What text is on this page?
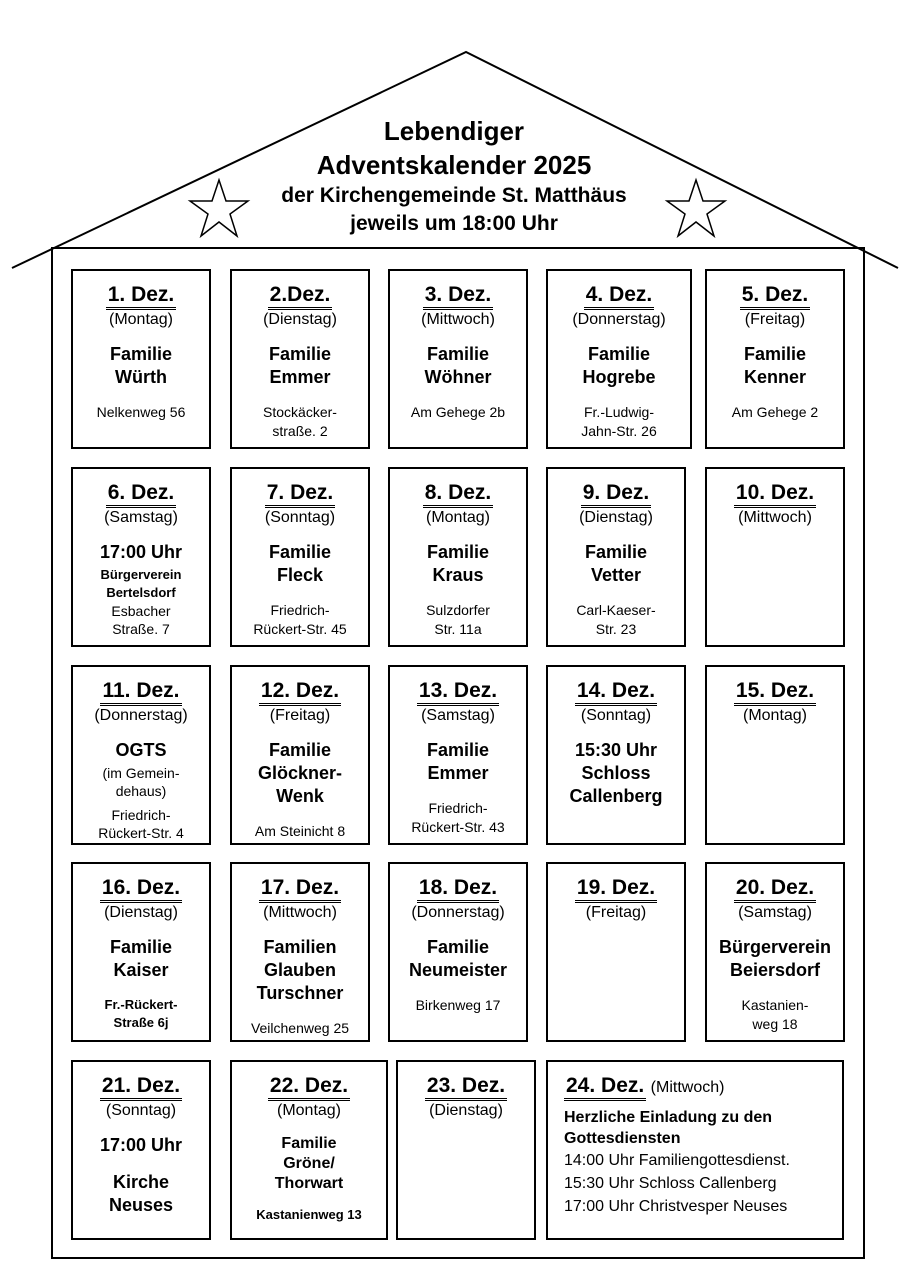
Lebendiger
Adventskalender 2025
der Kirchengemeinde St. Matthäus
jeweils um 18:00 Uhr
1. Dez.
(Montag)
Familie
Würth
Nelkenweg 56
2.Dez.
(Dienstag)
Familie
Emmer
Stockäcker-
straße. 2
3. Dez.
(Mittwoch)
Familie
Wöhner
Am Gehege 2b
4. Dez.
(Donnerstag)
Familie
Hogrebe
Fr.-Ludwig-
Jahn-Str. 26
5. Dez.
(Freitag)
Familie
Kenner
Am Gehege 2
6. Dez.
(Samstag)
17:00 Uhr
Bürgerverein
Bertelsdorf
Esbacher
Straße. 7
7. Dez.
(Sonntag)
Familie
Fleck
Friedrich-
Rückert-Str. 45
8. Dez.
(Montag)
Familie
Kraus
Sulzdorfer
Str. 11a
9. Dez.
(Dienstag)
Familie
Vetter
Carl-Kaeser-
Str. 23
10. Dez.
(Mittwoch)
11. Dez.
(Donnerstag)
OGTS
(im Gemein-
dehaus)
Friedrich-
Rückert-Str. 4
12. Dez.
(Freitag)
Familie
Glöckner-
Wenk
Am Steinicht 8
13. Dez.
(Samstag)
Familie
Emmer
Friedrich-
Rückert-Str. 43
14. Dez.
(Sonntag)
15:30 Uhr
Schloss
Callenberg
15. Dez.
(Montag)
16. Dez.
(Dienstag)
Familie
Kaiser
Fr.-Rückert-
Straße 6j
17. Dez.
(Mittwoch)
Familien
Glauben
Turschner
Veilchenweg 25
18. Dez.
(Donnerstag)
Familie
Neumeister
Birkenweg 17
19. Dez.
(Freitag)
20. Dez.
(Samstag)
Bürgerverein
Beiersdorf
Kastanien-
weg 18
21. Dez.
(Sonntag)
17:00 Uhr
Kirche
Neuses
22. Dez.
(Montag)
Familie
Gröne/
Thorwart
Kastanienweg 13
23. Dez.
(Dienstag)
24. Dez. (Mittwoch)
Herzliche Einladung zu den
Gottesdiensten
14:00 Uhr Familiengottesdienst.
15:30 Uhr Schloss Callenberg
17:00 Uhr Christvesper Neuses
